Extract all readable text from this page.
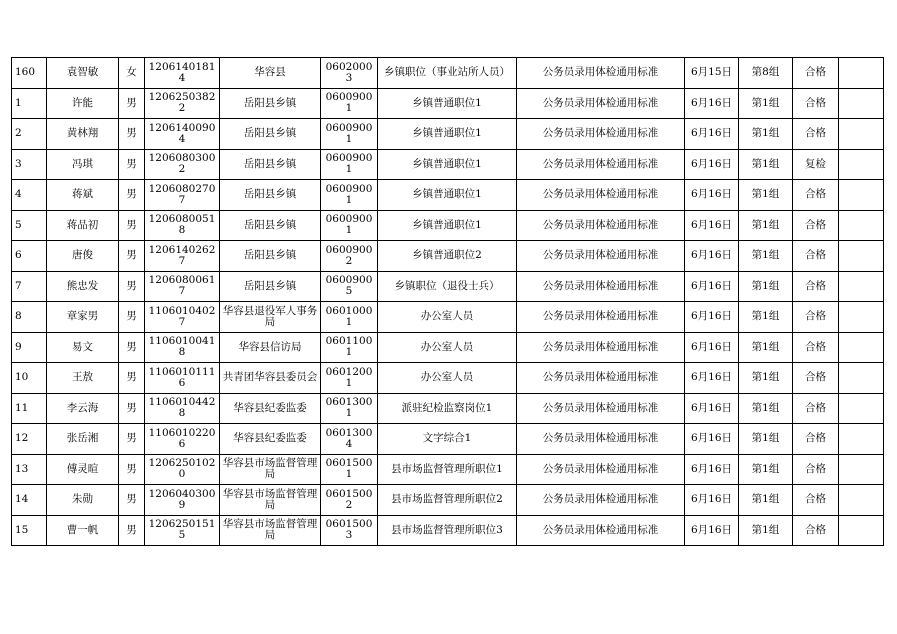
160	袁智敏	女	12061401814	华容县	06020003	乡镇职位（事业站所人员）	公务员录用体检通用标准	6月15日	第8组	合格	
1	许能	男	12062503822	岳阳县乡镇	06009001	乡镇普通职位1	公务员录用体检通用标准	6月16日	第1组	合格	
2	黄林翔	男	12061400904	岳阳县乡镇	06009001	乡镇普通职位1	公务员录用体检通用标准	6月16日	第1组	合格	
3	冯琪	男	12060803002	岳阳县乡镇	06009001	乡镇普通职位1	公务员录用体检通用标准	6月16日	第1组	复检	
4	蒋斌	男	12060802707	岳阳县乡镇	06009001	乡镇普通职位1	公务员录用体检通用标准	6月16日	第1组	合格	
5	蒋品初	男	12060800518	岳阳县乡镇	06009001	乡镇普通职位1	公务员录用体检通用标准	6月16日	第1组	合格	
6	唐俊	男	12061402627	岳阳县乡镇	06009002	乡镇普通职位2	公务员录用体检通用标准	6月16日	第1组	合格	
7	熊忠发	男	12060800617	岳阳县乡镇	06009005	乡镇职位（退役士兵）	公务员录用体检通用标准	6月16日	第1组	合格	
8	章家男	男	11060104027	华容县退役军人事务局	06010001	办公室人员	公务员录用体检通用标准	6月16日	第1组	合格	
9	易文	男	11060100418	华容县信访局	06011001	办公室人员	公务员录用体检通用标准	6月16日	第1组	合格	
10	王敖	男	11060101116	共青团华容县委员会	06012001	办公室人员	公务员录用体检通用标准	6月16日	第1组	合格	
11	李云海	男	11060104428	华容县纪委监委	06013001	派驻纪检监察岗位1	公务员录用体检通用标准	6月16日	第1组	合格	
12	张岳湘	男	11060102206	华容县纪委监委	06013004	文字综合1	公务员录用体检通用标准	6月16日	第1组	合格	
13	傅灵暄	男	12062501020	华容县市场监督管理局	06015001	县市场监督管理所职位1	公务员录用体检通用标准	6月16日	第1组	合格	
14	朱勋	男	12060403009	华容县市场监督管理局	06015002	县市场监督管理所职位2	公务员录用体检通用标准	6月16日	第1组	合格	
15	曹一帆	男	12062501515	华容县市场监督管理局	06015003	县市场监督管理所职位3	公务员录用体检通用标准	6月16日	第1组	合格	
